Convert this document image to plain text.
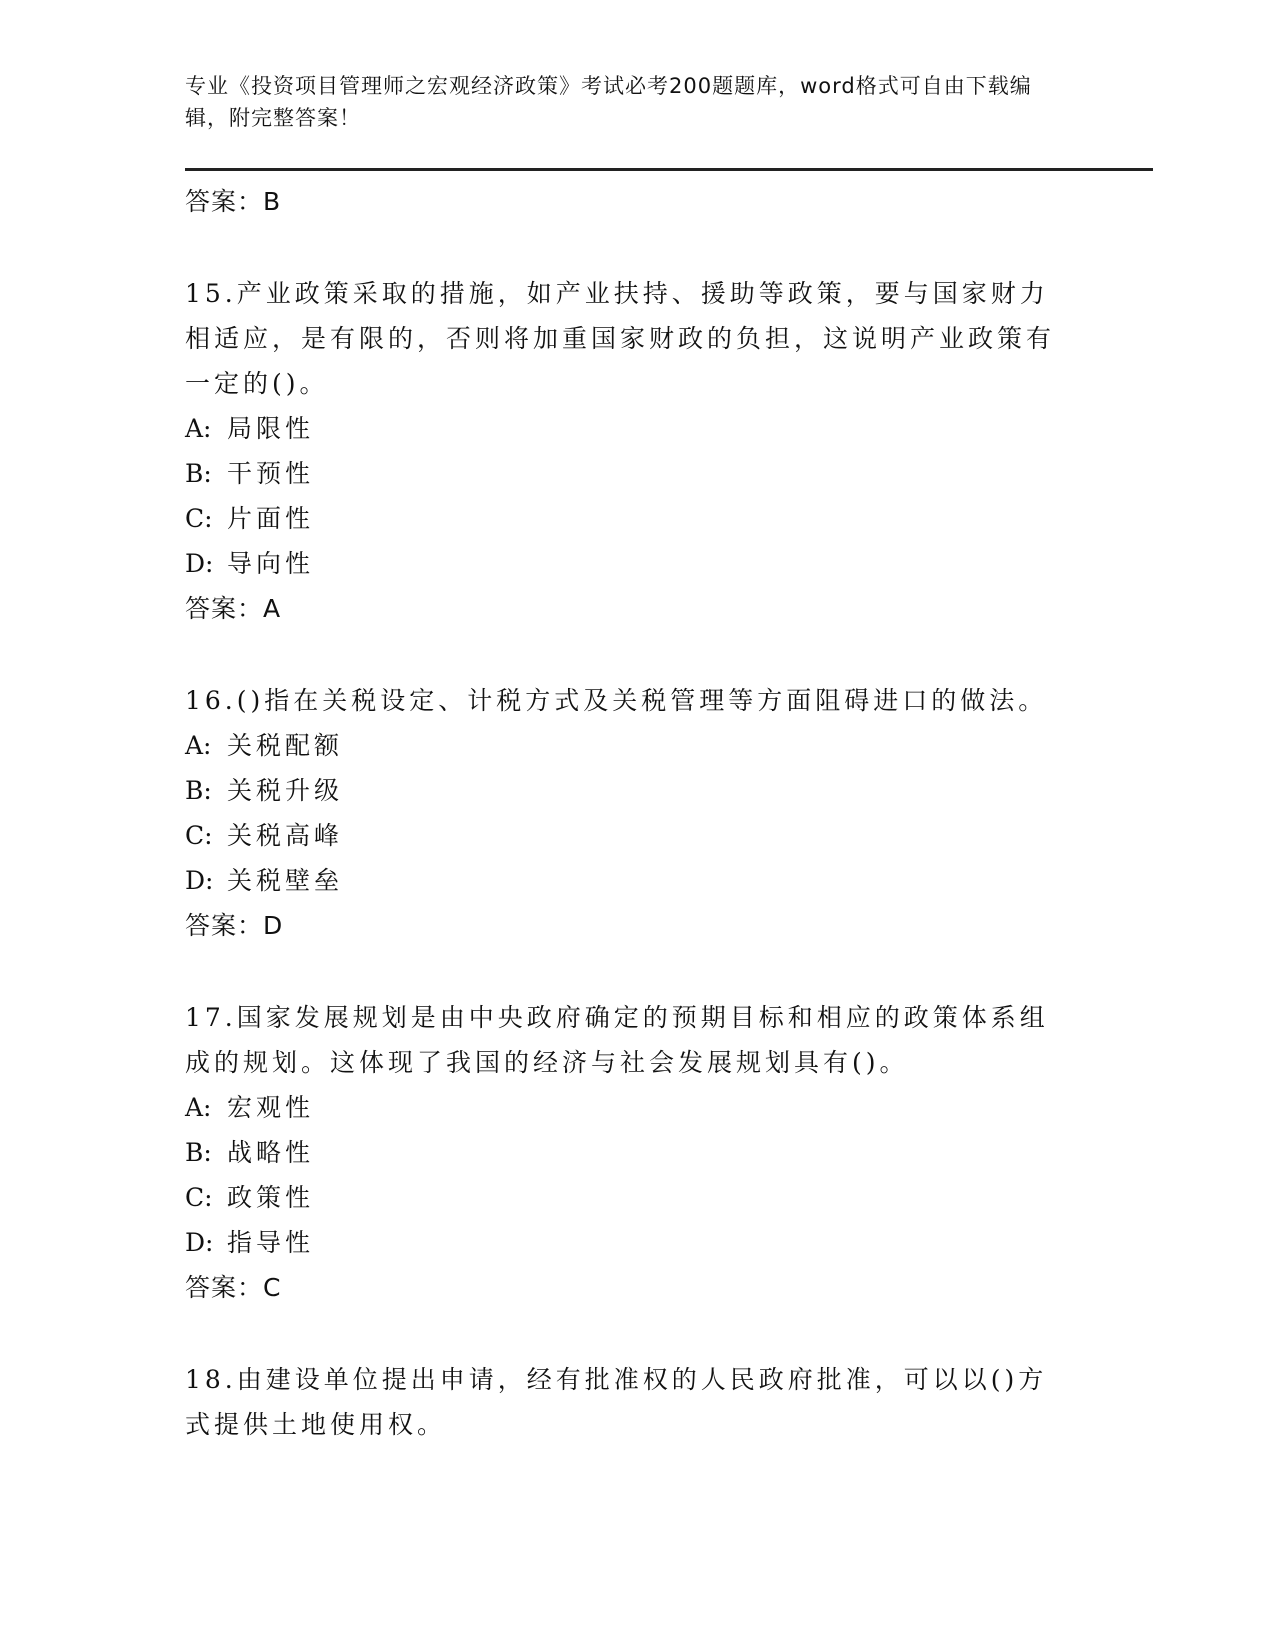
专业《投资项目管理师之宏观经济政策》考试必考200题题库，word格式可自由下载编辑，附完整答案！

答案： B

15.产业政策采取的措施，如产业扶持、援助等政策，要与国家财力相适应，是有限的，否则将加重国家财政的负担，这说明产业政策有一定的()。

A: 局限性

B: 干预性

C: 片面性

D: 导向性

答案： A

16.()指在关税设定、计税方式及关税管理等方面阻碍进口的做法。

A: 关税配额

B: 关税升级

C: 关税高峰

D: 关税壁垒

答案： D

17.国家发展规划是由中央政府确定的预期目标和相应的政策体系组成的规划。这体现了我国的经济与社会发展规划具有()。

A: 宏观性

B: 战略性

C: 政策性

D: 指导性

答案： C

18.由建设单位提出申请，经有批准权的人民政府批准，可以以()方式提供土地使用权。
